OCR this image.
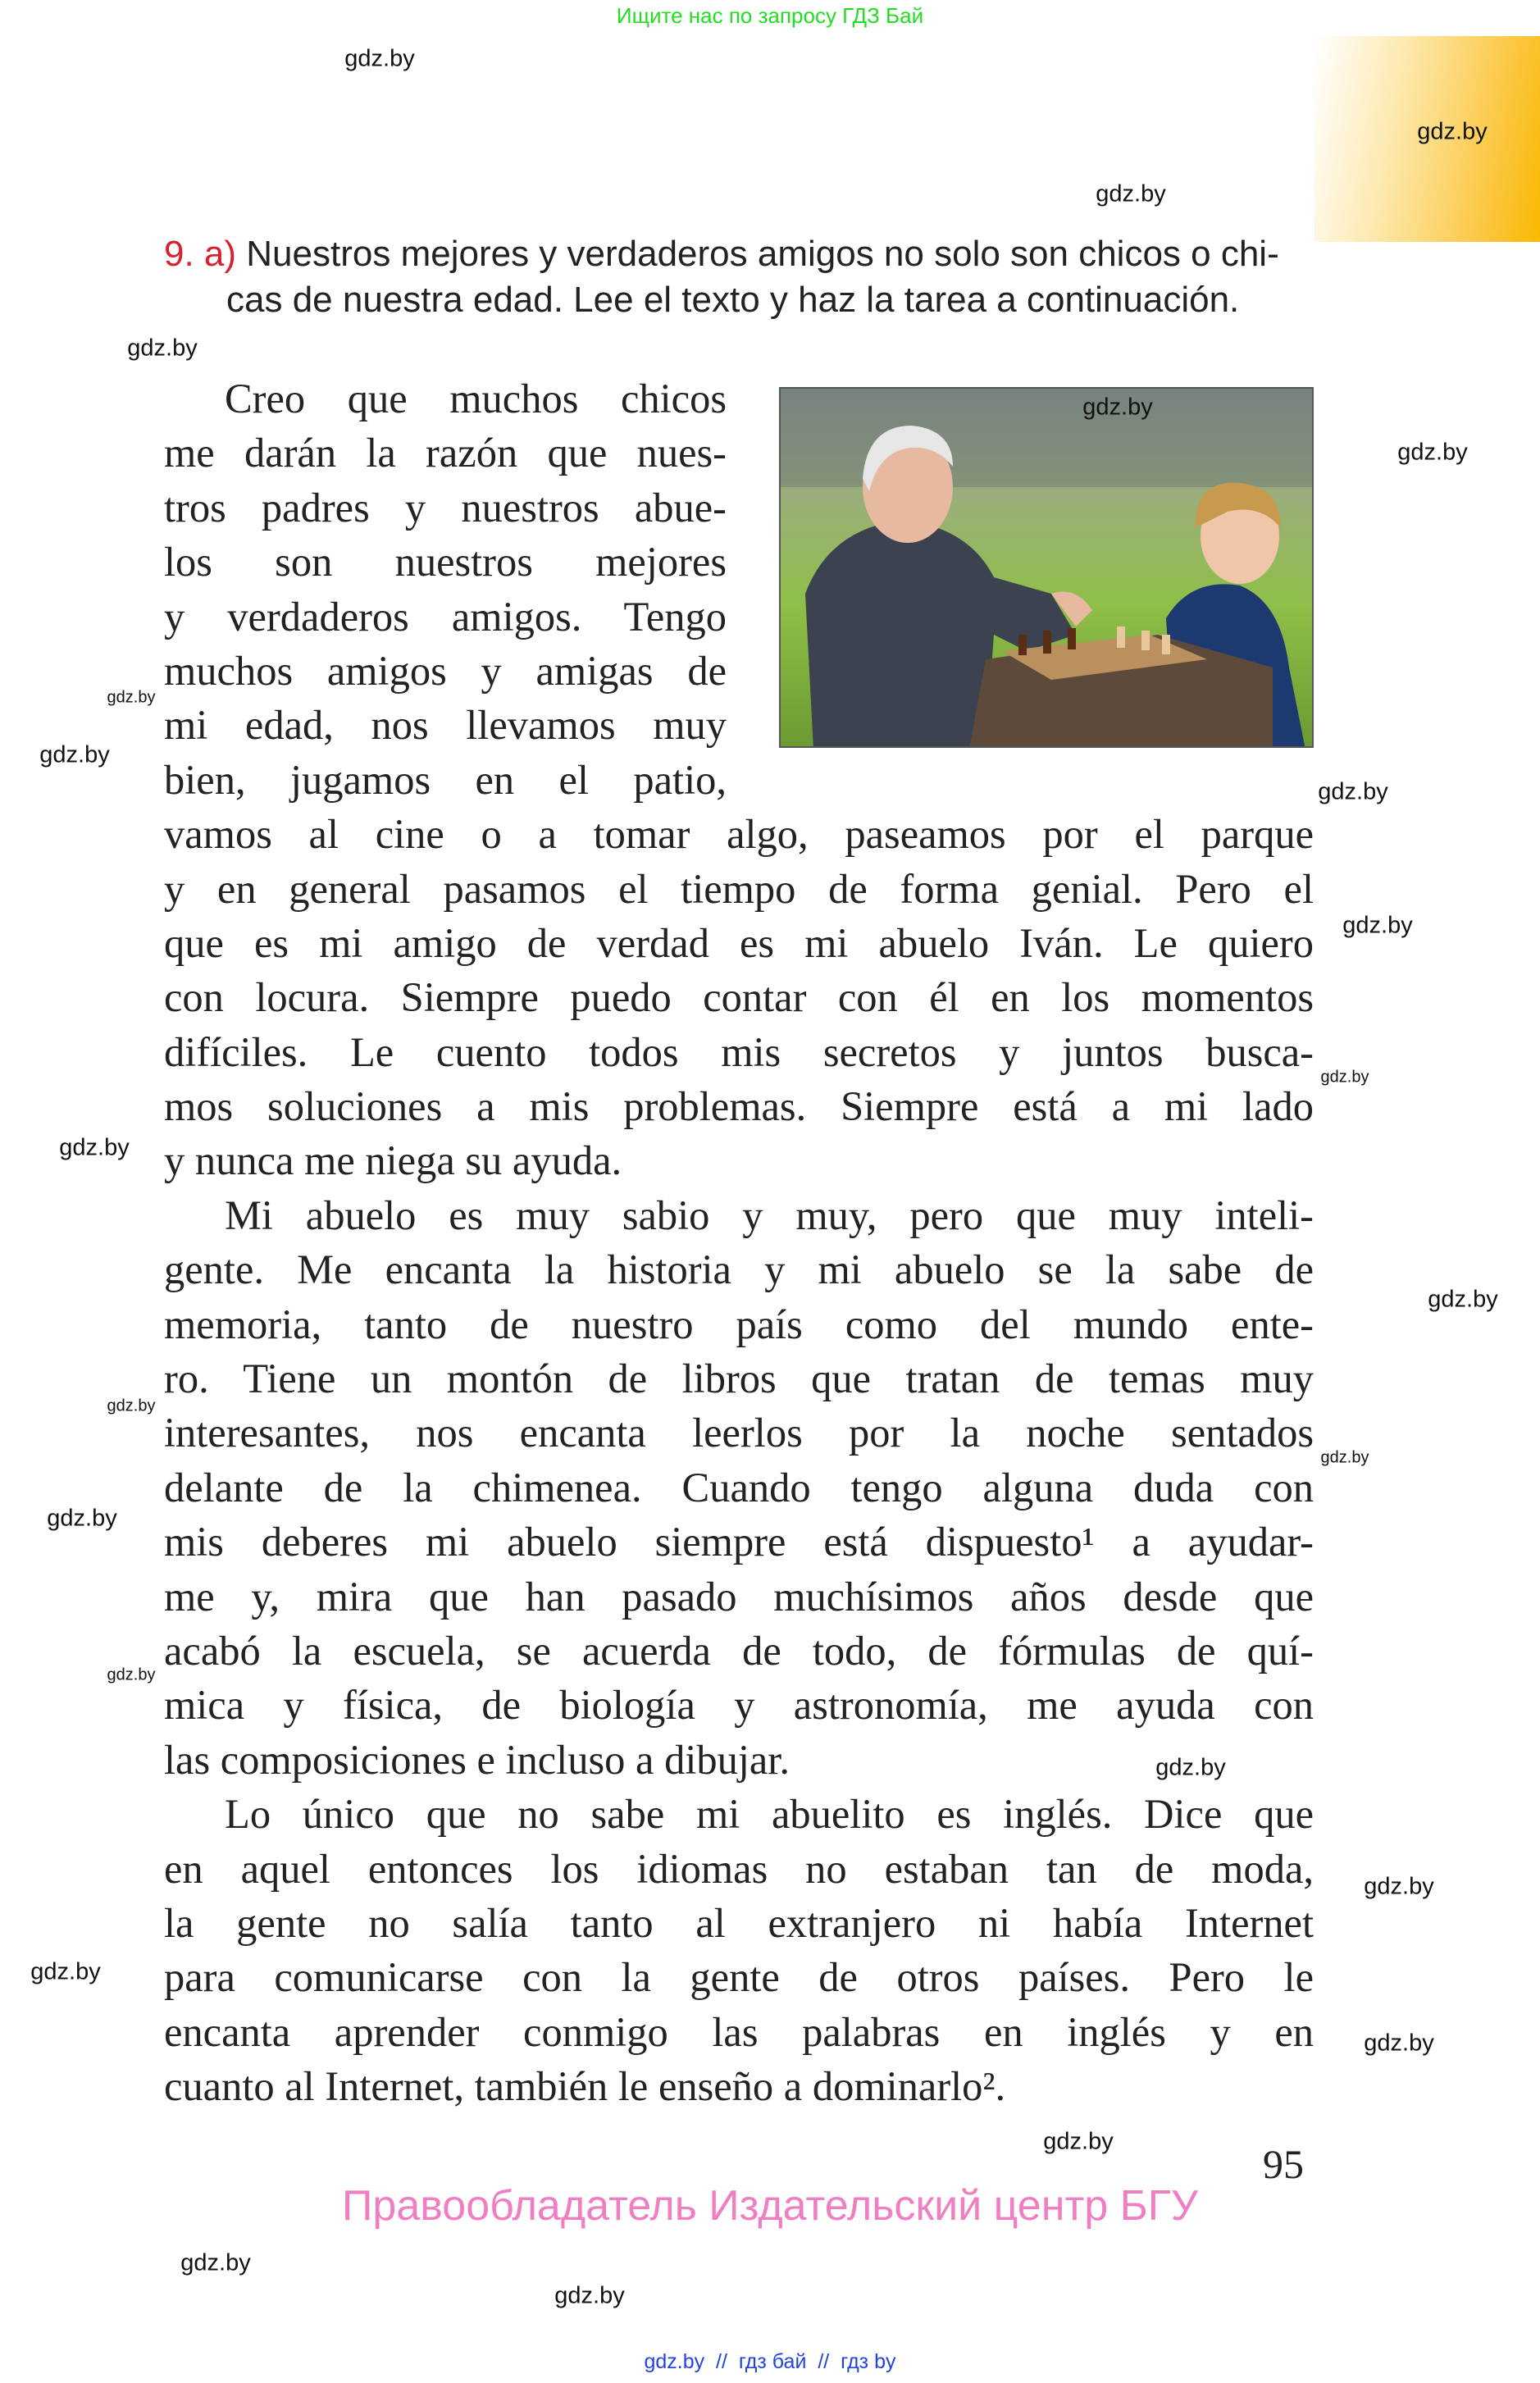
Ищите нас по запросу ГДЗ Бай
9. a) Nuestros mejores y verdaderos amigos no solo son chicos o chi-
cas de nuestra edad. Lee el texto y haz la tarea a continuación.
Creo que muchos chicos
me darán la razón que nues-
tros padres y nuestros abue-
los son nuestros mejores
y verdaderos amigos. Tengo
muchos amigos y amigas de
mi edad, nos llevamos muy
bien, jugamos en el patio,
vamos al cine o a tomar algo, paseamos por el parque
y en general pasamos el tiempo de forma genial. Pero el
que es mi amigo de verdad es mi abuelo Iván. Le quiero
con locura. Siempre puedo contar con él en los momentos
difíciles. Le cuento todos mis secretos y juntos busca-
mos soluciones a mis problemas. Siempre está a mi lado
y nunca me niega su ayuda.
Mi abuelo es muy sabio y muy, pero que muy inteli-
gente. Me encanta la historia y mi abuelo se la sabe de
memoria, tanto de nuestro país como del mundo ente-
ro. Tiene un montón de libros que tratan de temas muy
interesantes, nos encanta leerlos por la noche sentados
delante de la chimenea. Cuando tengo alguna duda con
mis deberes mi abuelo siempre está dispuesto¹ a ayudar-
me y, mira que han pasado muchísimos años desde que
acabó la escuela, se acuerda de todo, de fórmulas de quí-
mica y física, de biología y astronomía, me ayuda con
las composiciones e incluso a dibujar.
Lo único que no sabe mi abuelito es inglés. Dice que
en aquel entonces los idiomas no estaban tan de moda,
la gente no salía tanto al extranjero ni había Internet
para comunicarse con la gente de otros países. Pero le
encanta aprender conmigo las palabras en inglés y en
cuanto al Internet, también le enseño a dominarlo².
gdz.by
gdz.by
gdz.by
gdz.by
gdz.by
gdz.by
gdz.by
gdz.by
gdz.by
gdz.by
gdz.by
gdz.by
gdz.by
gdz.by
gdz.by
gdz.by
gdz.by
gdz.by
gdz.by
gdz.by
gdz.by
gdz.by
gdz.by
gdz.by
95
Правообладатель Издательский центр БГУ
gdz.by  //  гдз бай  //  гдз by
